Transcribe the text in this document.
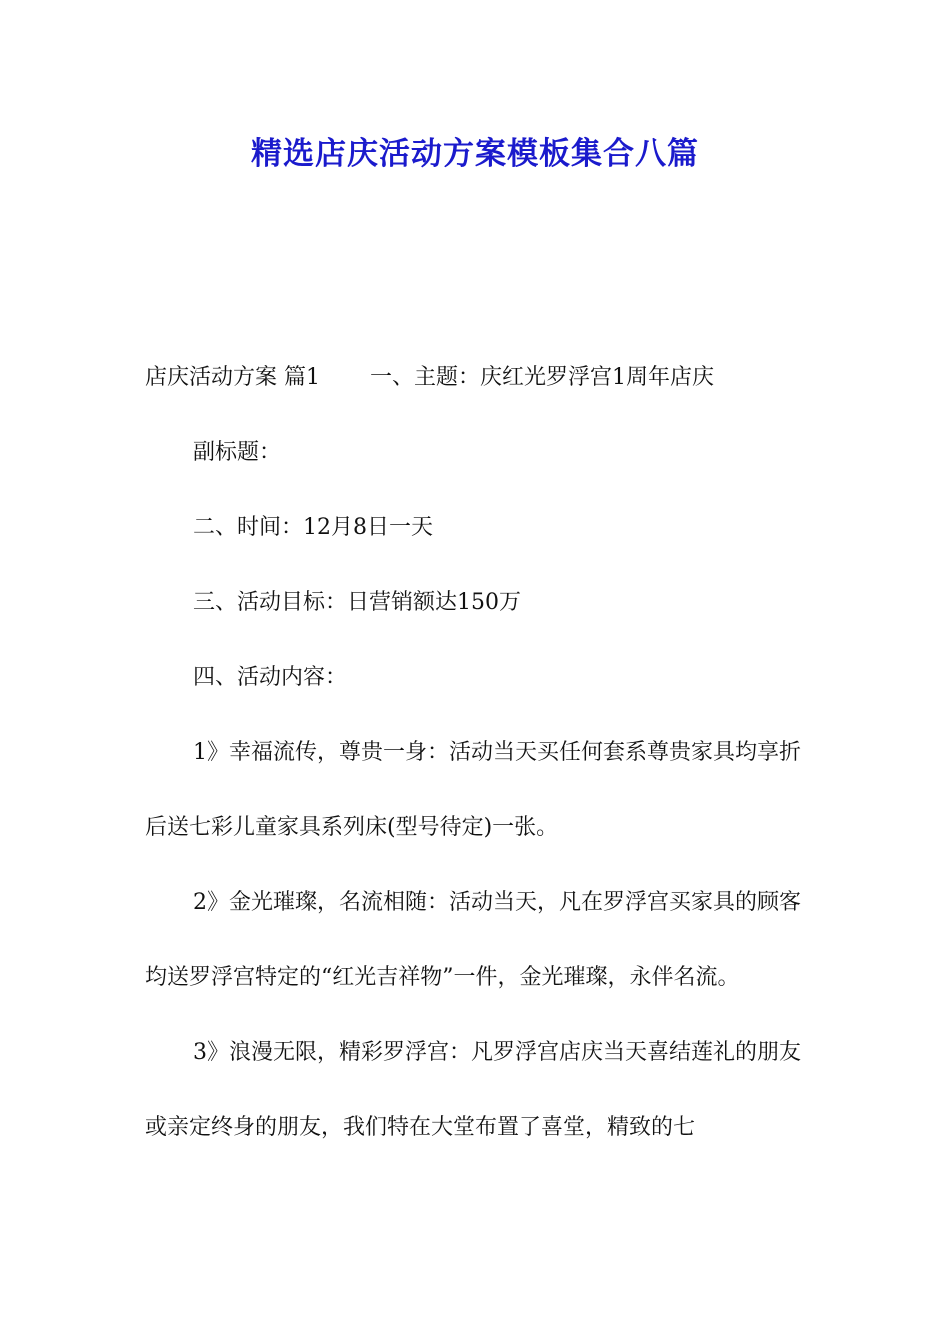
精选店庆活动方案模板集合八篇

店庆活动方案 篇1 一、主题：庆红光罗浮宫1周年店庆

副标题：

二、时间：12月8日一天

三、活动目标：日营销额达150万

四、活动内容：

1》幸福流传，尊贵一身：活动当天买任何套系尊贵家具均享折后送七彩儿童家具系列床(型号待定)一张。

2》金光璀璨，名流相随：活动当天，凡在罗浮宫买家具的顾客均送罗浮宫特定的“红光吉祥物”一件，金光璀璨，永伴名流。

3》浪漫无限，精彩罗浮宫：凡罗浮宫店庆当天喜结莲礼的朋友或亲定终身的朋友，我们特在大堂布置了喜堂，精致的七
